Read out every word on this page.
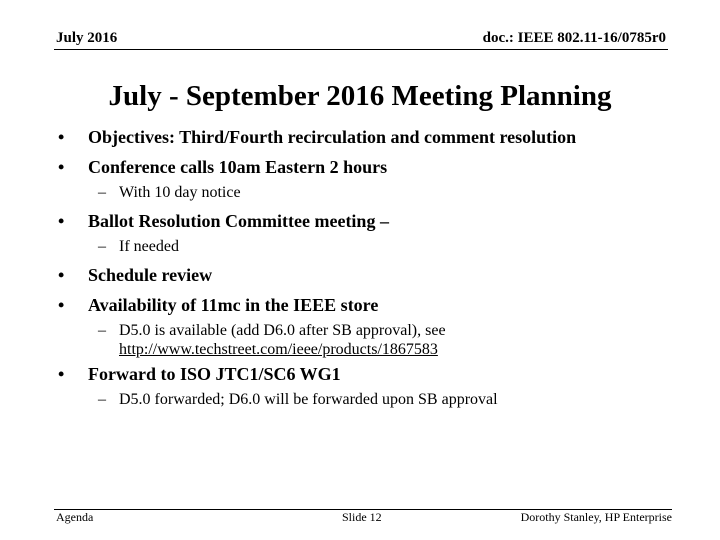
July 2016	doc.: IEEE 802.11-16/0785r0
July - September 2016 Meeting Planning
• Objectives: Third/Fourth recirculation and comment resolution
• Conference calls 10am Eastern 2 hours
– With 10 day notice
• Ballot Resolution Committee meeting –
– If needed
• Schedule review
• Availability of 11mc in the IEEE store
– D5.0 is available (add D6.0 after SB approval), see
http://www.techstreet.com/ieee/products/1867583
• Forward to ISO JTC1/SC6 WG1
– D5.0 forwarded; D6.0 will be forwarded upon SB approval
Agenda	Slide 12	Dorothy Stanley, HP Enterprise
